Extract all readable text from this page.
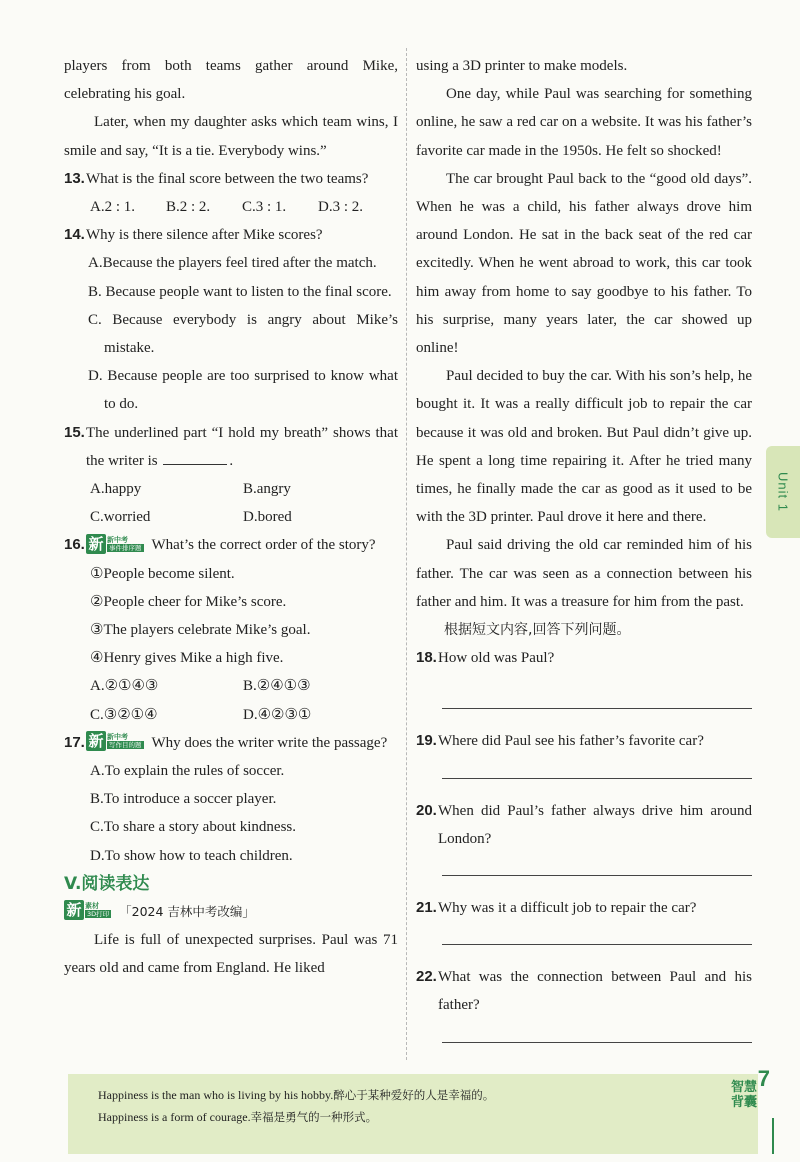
players from both teams gather around Mike,
celebrating his goal.
Later, when my daughter asks which team wins, I smile and say, “It is a tie. Everybody wins.”
13. What is the final score between the two teams?
A.2 : 1.	B.2 : 2.	C.3 : 1.	D.3 : 2.
14. Why is there silence after Mike scores?
A.Because the players feel tired after the match.
B. Because people want to listen to the final score.
C. Because everybody is angry about Mike’s mistake.
D. Because people are too surprised to know what to do.
15. The underlined part “I hold my breath” shows that the writer is	.
A.happy	B.angry
C.worried	D.bored
16. 新 新中考
事件排序题 What’s the correct order of the story?
①People become silent.
②People cheer for Mike’s score.
③The players celebrate Mike’s goal.
④Henry gives Mike a high five.
A.②①④③	B.②④①③
C.③②①④	D.④②③①
17. 新 新中考
写作目的题 Why does the writer write the passage?
A.To explain the rules of soccer.
B.To introduce a soccer player.
C.To share a story about kindness.
D.To show how to teach children.
V.阅读表达
新 素材
3D打印 「2024 吉林中考改编」
Life is full of unexpected surprises. Paul was 71 years old and came from England. He liked
using a 3D printer to make models.
One day, while Paul was searching for something online, he saw a red car on a website. It was his father’s favorite car made in the 1950s. He felt so shocked!
The car brought Paul back to the “good old days”. When he was a child, his father always drove him around London. He sat in the back seat of the red car excitedly. When he went abroad to work, this car took him away from home to say goodbye to his father. To his surprise, many years later, the car showed up online!
Paul decided to buy the car. With his son’s help, he bought it. It was a really difficult job to repair the car because it was old and broken. But Paul didn’t give up. He spent a long time repairing it. After he tried many times, he finally made the car as good as it used to be with the 3D printer. Paul drove it here and there.
Paul said driving the old car reminded him of his father. The car was seen as a connection between his father and him. It was a treasure for him from the past.
根据短文内容,回答下列问题。
18. How old was Paul?
19. Where did Paul see his father’s favorite car?
20. When did Paul’s father always drive him around London?
21. Why was it a difficult job to repair the car?
22. What was the connection between Paul and his father?
Unit 1
Happiness is the man who is living by his hobby.醉心于某种爱好的人是幸福的。
Happiness is a form of courage.幸福是勇气的一种形式。
7
智慧背囊
